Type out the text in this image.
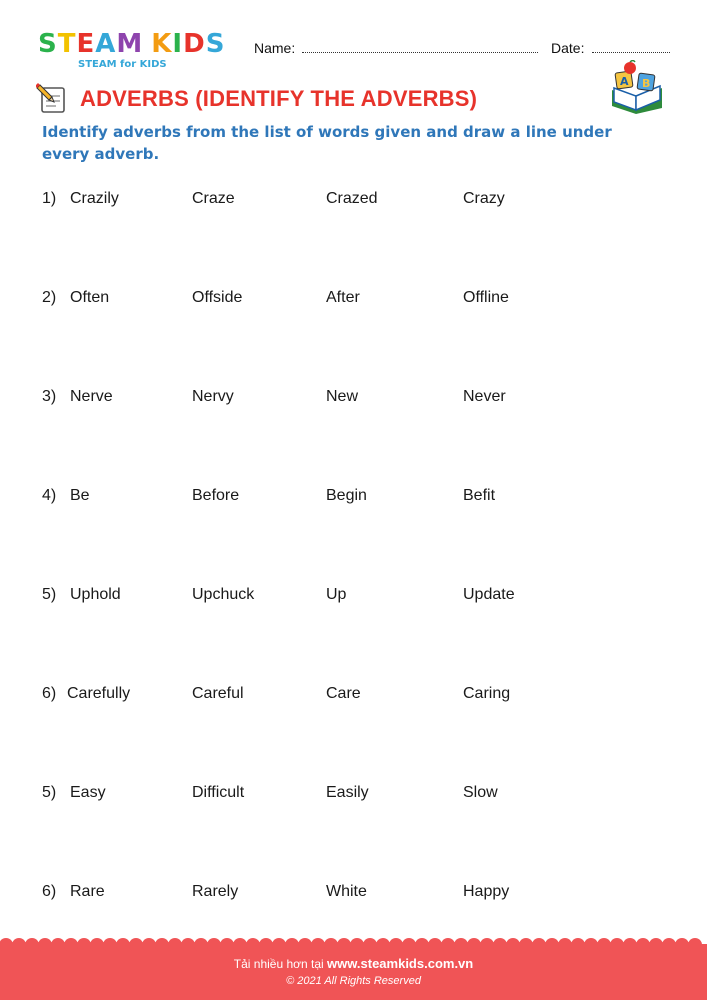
STEAM KIDS
STEAM for KIDS
Name:	Date:
ADVERBS (IDENTIFY THE ADVERBS)
A B
Identify adverbs from the list of words given and draw a line under every adverb.
1) Crazily	Craze	Crazed	Crazy
2) Often	Offside	After	Offline
3) Nerve	Nervy	New	Never
4) Be	Before	Begin	Befit
5) Uphold	Upchuck	Up	Update
6) Carefully	Careful	Care	Caring
5) Easy	Difficult	Easily	Slow
6) Rare	Rarely	White	Happy
Tải nhiều hơn tại www.steamkids.com.vn
© 2021 All Rights Reserved
